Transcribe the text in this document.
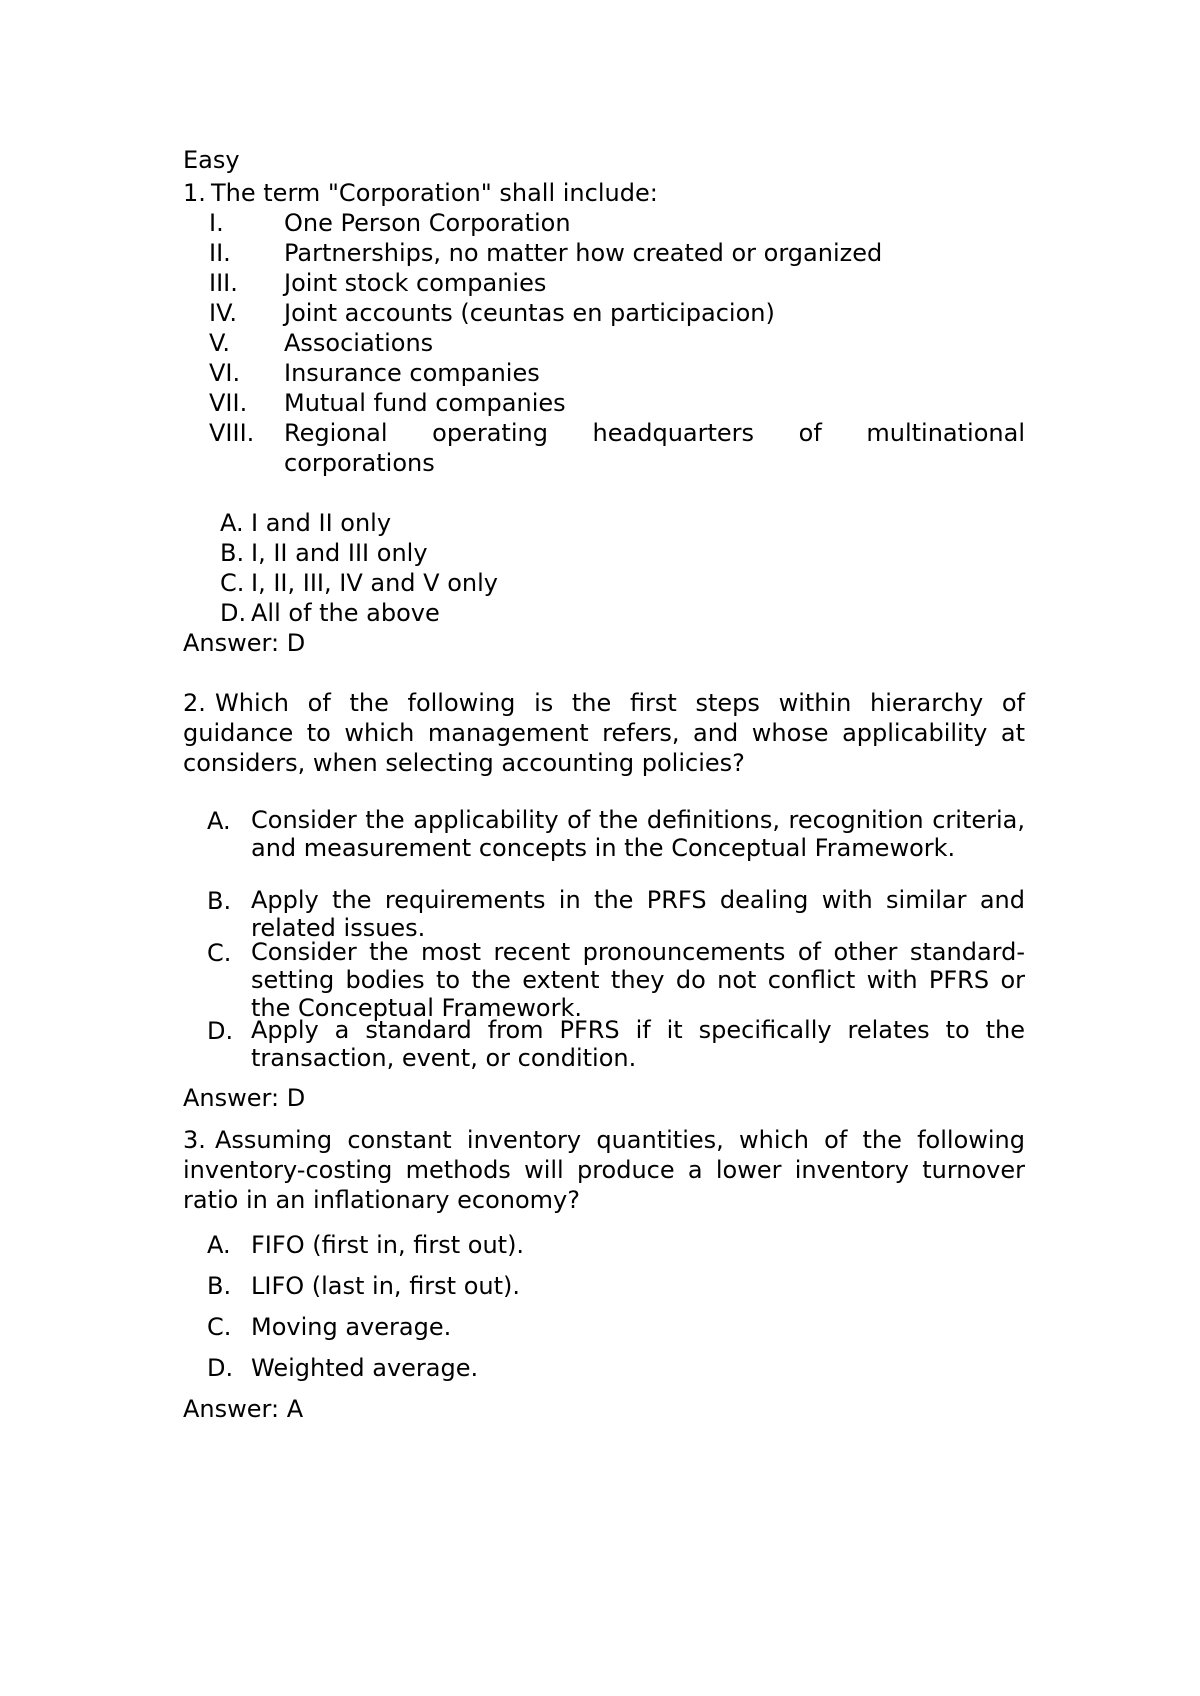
Easy
1. The term "Corporation" shall include:
I.	One Person Corporation
II.	Partnerships, no matter how created or organized
III.	Joint stock companies
IV.	Joint accounts (ceuntas en participacion)
V.	Associations
VI.	Insurance companies
VII.	Mutual fund companies
VIII.	Regional operating headquarters of multinational
corporations
A. I and II only
B. I, II and III only
C. I, II, III, IV and V only
D. All of the above
Answer: D
2. Which of the following is the first steps within hierarchy of
guidance to which management refers, and whose applicability at
considers, when selecting accounting policies?
A. Consider the applicability of the definitions, recognition criteria, and measurement concepts in the Conceptual Framework.
B. Apply the requirements in the PRFS dealing with similar and related issues.
C. Consider the most recent pronouncements of other standard-setting bodies to the extent they do not conflict with PFRS or the Conceptual Framework.
D. Apply a standard from PFRS if it specifically relates to the transaction, event, or condition.
Answer: D
3. Assuming constant inventory quantities, which of the following
inventory-costing methods will produce a lower inventory turnover
ratio in an inflationary economy?
A. FIFO (first in, first out).
B. LIFO (last in, first out).
C. Moving average.
D. Weighted average.
Answer: A
